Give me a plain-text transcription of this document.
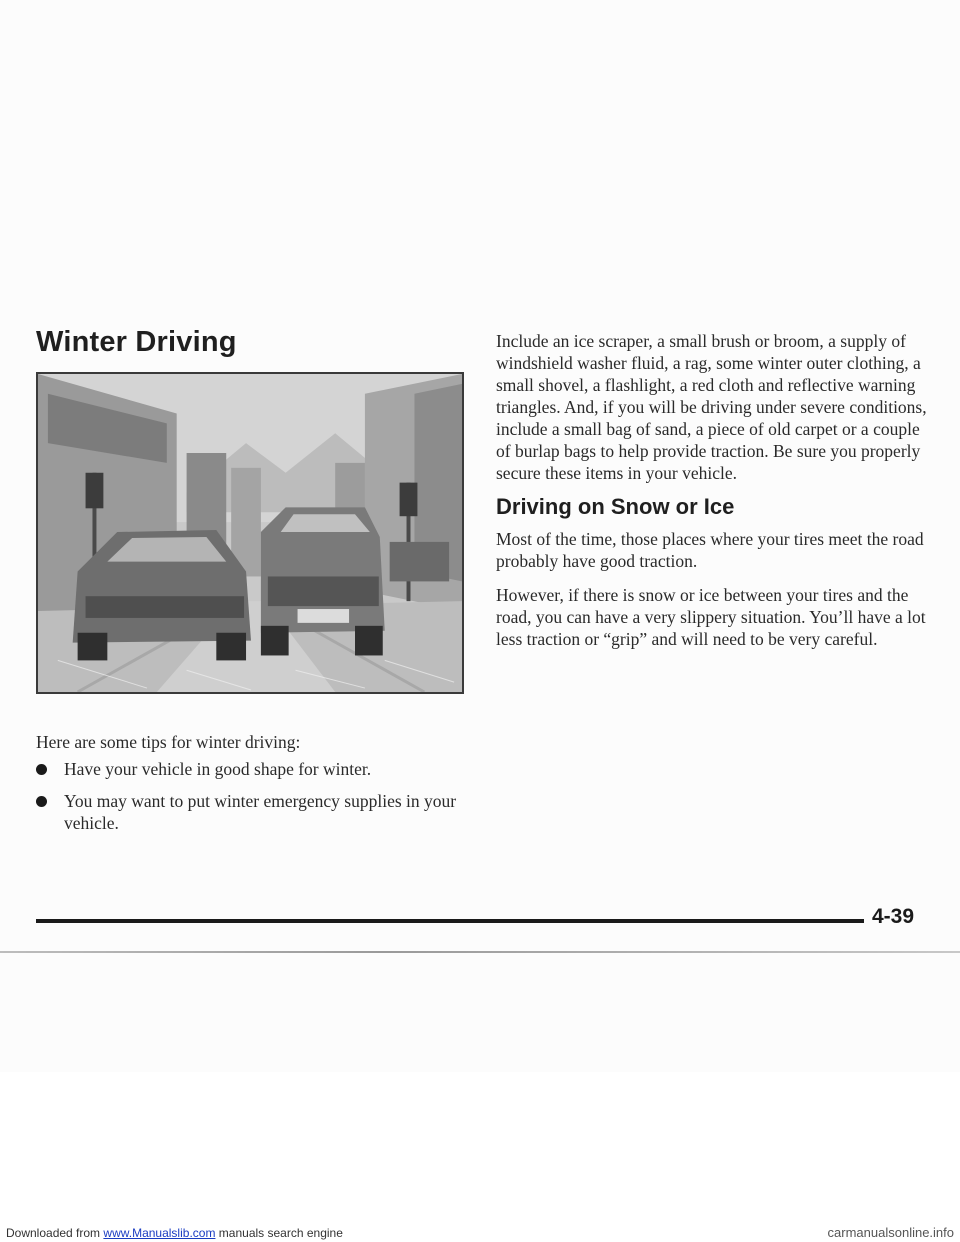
Winter Driving

Here are some tips for winter driving:

Have your vehicle in good shape for winter.
You may want to put winter emergency supplies in your vehicle.

Include an ice scraper, a small brush or broom, a supply of windshield washer fluid, a rag, some winter outer clothing, a small shovel, a flashlight, a red cloth and reflective warning triangles. And, if you will be driving under severe conditions, include a small bag of sand, a piece of old carpet or a couple of burlap bags to help provide traction. Be sure you properly secure these items in your vehicle.

Driving on Snow or Ice

Most of the time, those places where your tires meet the road probably have good traction.

However, if there is snow or ice between your tires and the road, you can have a very slippery situation. You’ll have a lot less traction or “grip” and will need to be very careful.

4-39
Downloaded from www.Manualslib.com manuals search engine	carmanualsonline.info
